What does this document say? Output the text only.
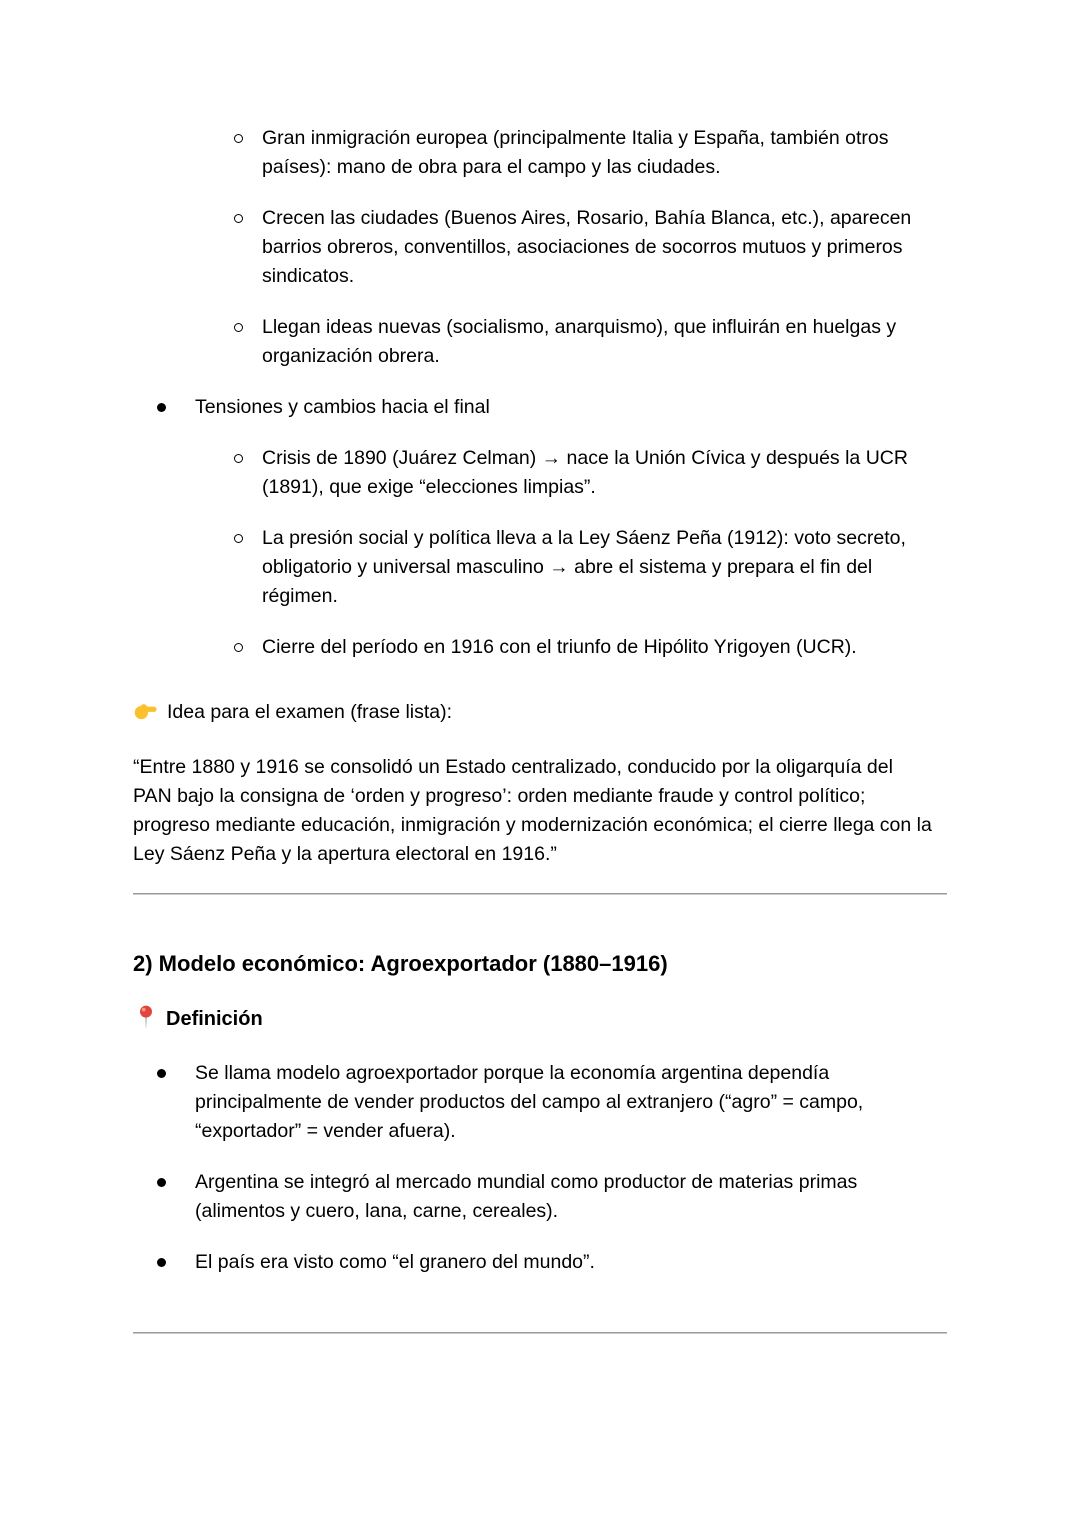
Gran inmigración europea (principalmente Italia y España, también otros países): mano de obra para el campo y las ciudades.
Crecen las ciudades (Buenos Aires, Rosario, Bahía Blanca, etc.), aparecen barrios obreros, conventillos, asociaciones de socorros mutuos y primeros sindicatos.
Llegan ideas nuevas (socialismo, anarquismo), que influirán en huelgas y organización obrera.
Tensiones y cambios hacia el final
Crisis de 1890 (Juárez Celman) → nace la Unión Cívica y después la UCR (1891), que exige “elecciones limpias”.
La presión social y política lleva a la Ley Sáenz Peña (1912): voto secreto, obligatorio y universal masculino → abre el sistema y prepara el fin del régimen.
Cierre del período en 1916 con el triunfo de Hipólito Yrigoyen (UCR).

Idea para el examen (frase lista):

“Entre 1880 y 1916 se consolidó un Estado centralizado, conducido por la oligarquía del PAN bajo la consigna de ‘orden y progreso’: orden mediante fraude y control político; progreso mediante educación, inmigración y modernización económica; el cierre llega con la Ley Sáenz Peña y la apertura electoral en 1916.”

2) Modelo económico: Agroexportador (1880–1916)
Definición
Se llama modelo agroexportador porque la economía argentina dependía principalmente de vender productos del campo al extranjero (“agro” = campo, “exportador” = vender afuera).
Argentina se integró al mercado mundial como productor de materias primas (alimentos y cuero, lana, carne, cereales).
El país era visto como “el granero del mundo”.
